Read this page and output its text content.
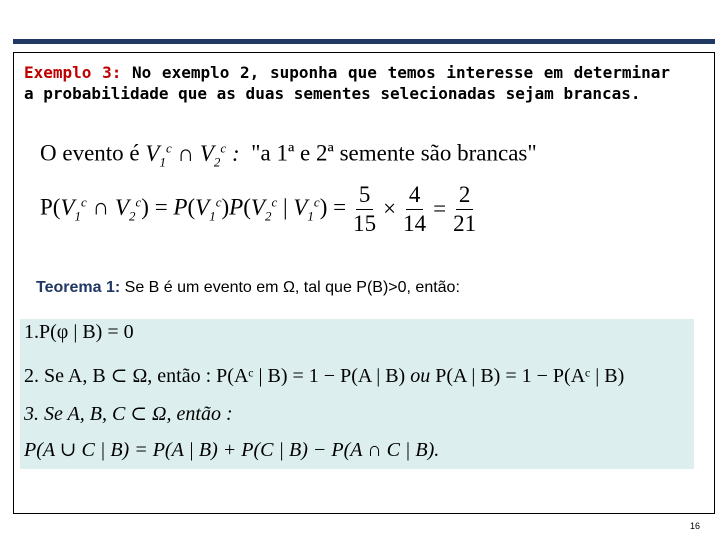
Exemplo 3: No exemplo 2, suponha que temos interesse em determinar a probabilidade que as duas sementes selecionadas sejam brancas.
O evento é $V_1^c$ ∩ $V_2^c$ :  "a 1ª e 2ª semente são brancas"
$P(V_1^c$ ∩ $V_2^c) = P(V_1^c)P(V_2^c$ | $V_1^c) = \frac{5}{15} \times \frac{4}{14} = \frac{2}{21}$
Teorema 1: Se B é um evento em Ω, tal que P(B)>0, então:
1.P(φ | B) = 0
2. Se A, B ⊂ Ω, então : P(Aᶜ | B) = 1 − P(A | B) ou P(A | B) = 1 − P(Aᶜ | B)
3. Se A, B, C ⊂ Ω, então :
P(A ∪ C | B) = P(A | B) + P(C | B) − P(A ∩ C | B).
16
